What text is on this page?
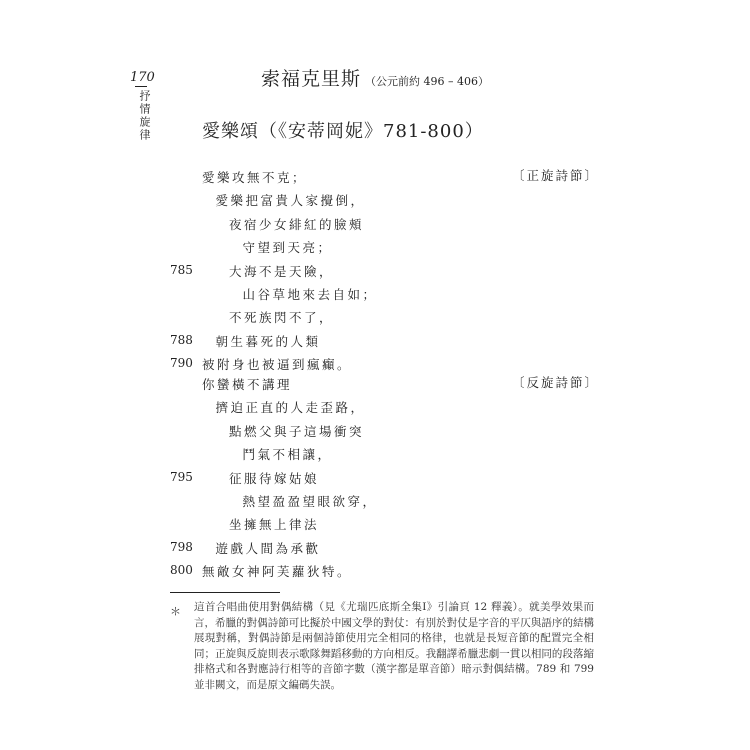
170
抒情旋律
索福克里斯 （公元前約 496 – 406）
愛樂頌（《安蒂岡妮》781-800）
〔正旋詩節〕
〔反旋詩節〕
愛樂攻無不克；
愛樂把富貴人家攪倒，
夜宿少女緋紅的臉頰
守望到天亮；
大海不是天險，
785
山谷草地來去自如；
不死族閃不了，
朝生暮死的人類
788
被附身也被逼到瘋癲。
790
你蠻橫不講理
擠迫正直的人走歪路，
點燃父與子這場衝突
鬥氣不相讓，
征服待嫁姑娘
795
熱望盈盈望眼欲穿，
坐擁無上律法
遊戲人間為承歡
798
無敵女神阿芙蘿狄特。
800
＊ 這首合唱曲使用對偶結構（見《尤瑞匹底斯全集Ⅰ》引論頁 12 釋義）。就美學效果而言，希臘的對偶詩節可比擬於中國文學的對仗：有別於對仗是字音的平仄與語序的結構展現對稱，對偶詩節是兩個詩節使用完全相同的格律，也就是長短音節的配置完全相同；正旋與反旋則表示歌隊舞蹈移動的方向相反。我翻譯希臘悲劇一貫以相同的段落縮排格式和各對應詩行相等的音節字數（漢字都是單音節）暗示對偶結構。789 和 799 並非闕文，而是原文編碼失誤。
